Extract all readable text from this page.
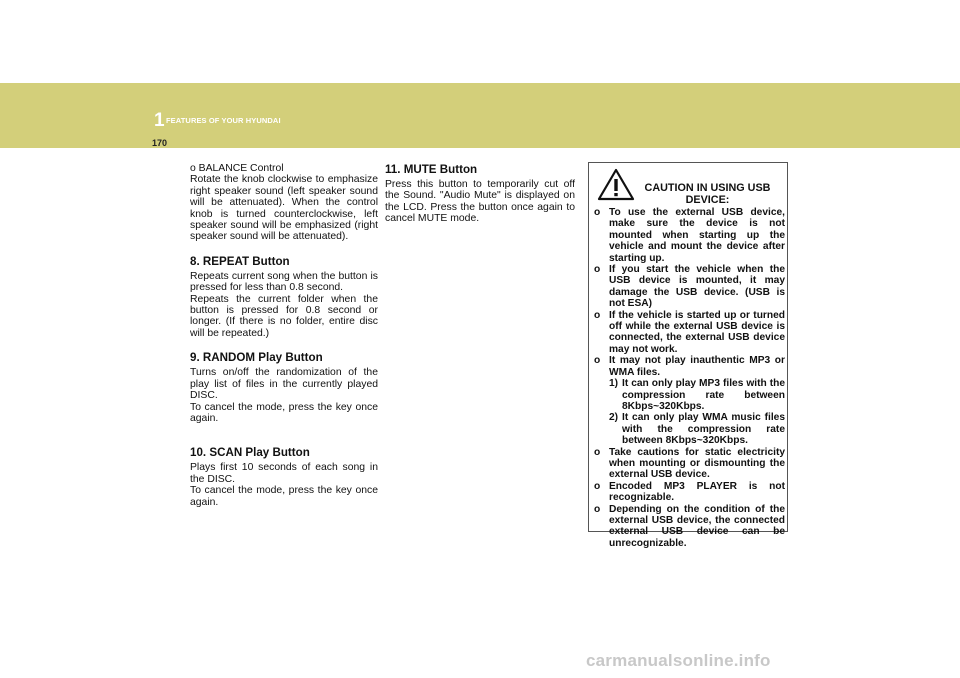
1 FEATURES OF YOUR HYUNDAI
170

o BALANCE Control

Rotate the knob clockwise to emphasize right speaker sound (left speaker sound will be attenuated). When the control knob is turned counterclockwise, left speaker sound will be emphasized (right speaker sound will be attenuated).

8. REPEAT Button

Repeats current song when the button is pressed for less than 0.8 second.

Repeats the current folder when the button is pressed for 0.8 second or longer. (If there is no folder, entire disc will be repeated.)

9. RANDOM Play Button

Turns on/off the randomization of the play list of files in the currently played DISC.

To cancel the mode, press the key once again.

10. SCAN Play Button

Plays first 10 seconds of each song in the DISC.

To cancel the mode, press the key once again.

11. MUTE Button

Press this button to temporarily cut off the Sound. "Audio Mute" is displayed on the LCD. Press the button once again to cancel MUTE mode.

CAUTION IN USING USB DEVICE:
o To use the external USB device, make sure the device is not mounted when starting up the vehicle and mount the device after starting up.
o If you start the vehicle when the USB device is mounted, it may damage the USB device. (USB is not ESA)
o If the vehicle is started up or turned off while the external USB device is connected, the external USB device may not work.
o It may not play inauthentic MP3 or WMA files.
1) It can only play MP3 files with the compression rate between 8Kbps~320Kbps.
2) It can only play WMA music files with the compression rate between 8Kbps~320Kbps.
o Take cautions for static electricity when mounting or dismounting the external USB device.
o Encoded MP3 PLAYER is not recognizable.
o Depending on the condition of the external USB device, the connected external USB device can be unrecognizable.
carmanualsonline.info
